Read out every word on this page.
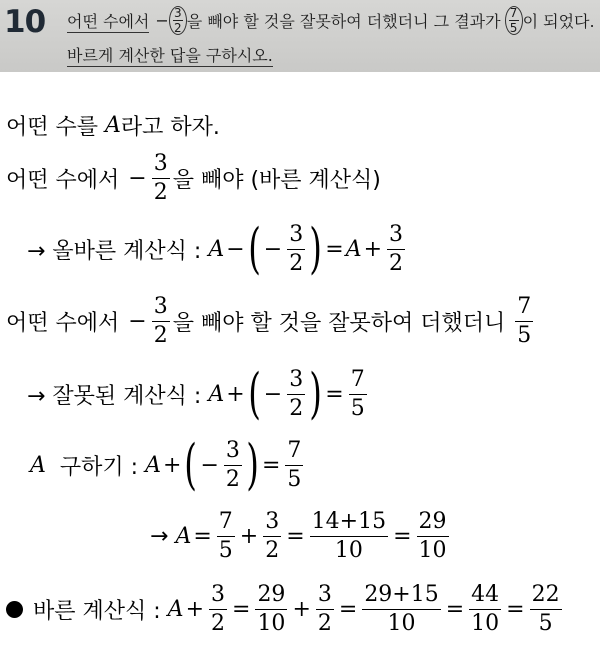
10 어떤 수에서 − 3
2 을 빼야 할 것을 잘못하여 더했더니 그 결과가 7
5 이 되었다.
바르게 계산한 답을 구하시오.
어떤 수를
A 라고 하자.
어떤 수에서
− $\frac{3}{2}$ 을 빼야 (바른 계산식)
→ 올바른 계산식 :
A − ( − $\frac{3}{2}$ ) = $A + \frac{3}{2}$
어떤 수에서
− $\frac{3}{2}$ 을 빼야 할 것을 잘못하여 더했더니
$\frac{7}{5}$
→ 잘못된 계산식 :
A + ( − $\frac{3}{2}$ ) = $\frac{7}{5}$
A
구하기 :
A + ( − $\frac{3}{2}$ ) = $\frac{7}{5}$
→
$A = \frac{7}{5} + \frac{3}{2} = \frac{14+15}{10} = \frac{29}{10}$
바른 계산식 :
$A + \frac{3}{2} = \frac{29}{10} + \frac{3}{2} = \frac{29+15}{10} = \frac{44}{10} = \frac{22}{5}$
